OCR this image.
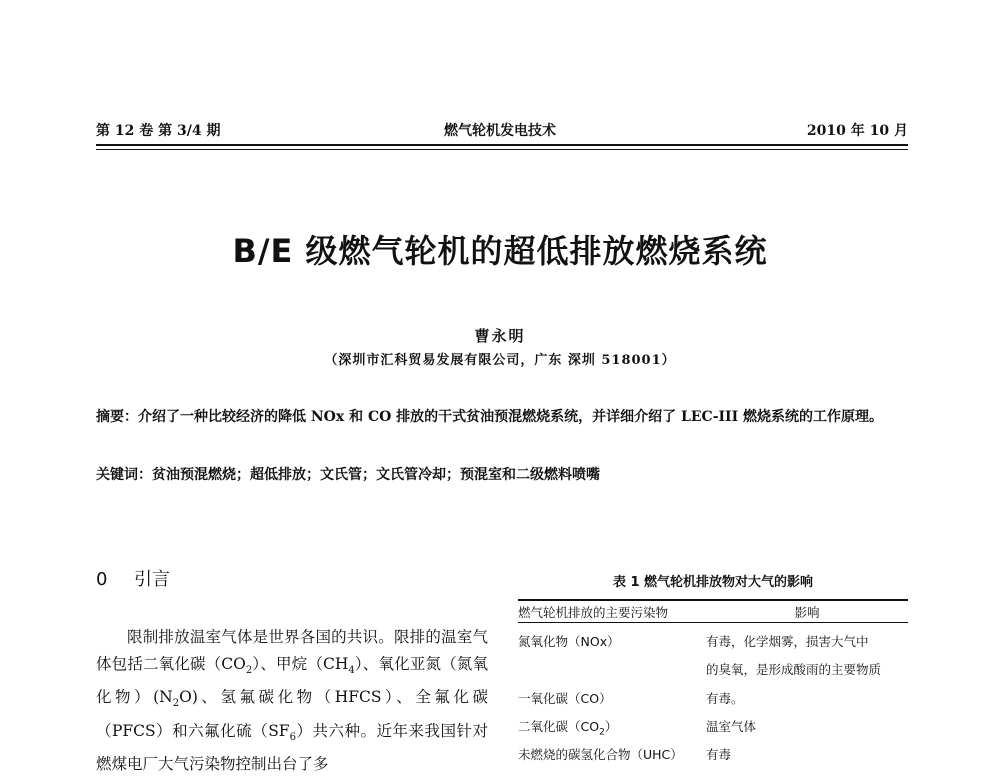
第 12 卷 第 3/4 期	燃气轮机发电技术	2010 年 10 月
B/E 级燃气轮机的超低排放燃烧系统
曹永明
（深圳市汇科贸易发展有限公司，广东 深圳 518001）
摘要：介绍了一种比较经济的降低 NOx 和 CO 排放的干式贫油预混燃烧系统，并详细介绍了 LEC-III 燃烧系统的工作原理。
关键词：贫油预混燃烧；超低排放；文氏管；文氏管冷却；预混室和二级燃料喷嘴
0 引言
限制排放温室气体是世界各国的共识。限排的温室气体包括二氧化碳$(CO_2)$、甲烷$(CH_4)$、氧化亚氮（氮氧化物）$(N_2O)$、氢氟碳化物（HFCS）、全氟化碳（PFCS）和六氟化硫$(SF_6)$共六种。近年来我国针对燃煤电厂大气污染物控制出台了多
表 1 燃气轮机排放物对大气的影响
燃气轮机排放的主要污染物	影响
氮氧化物（NOx）	有毒，化学烟雾，损害大气中
的臭氧，是形成酸雨的主要物质
一氧化碳（CO）	有毒。
二氧化碳$(CO_2)$	温室气体
未燃烧的碳氢化合物（UHC）	有毒
